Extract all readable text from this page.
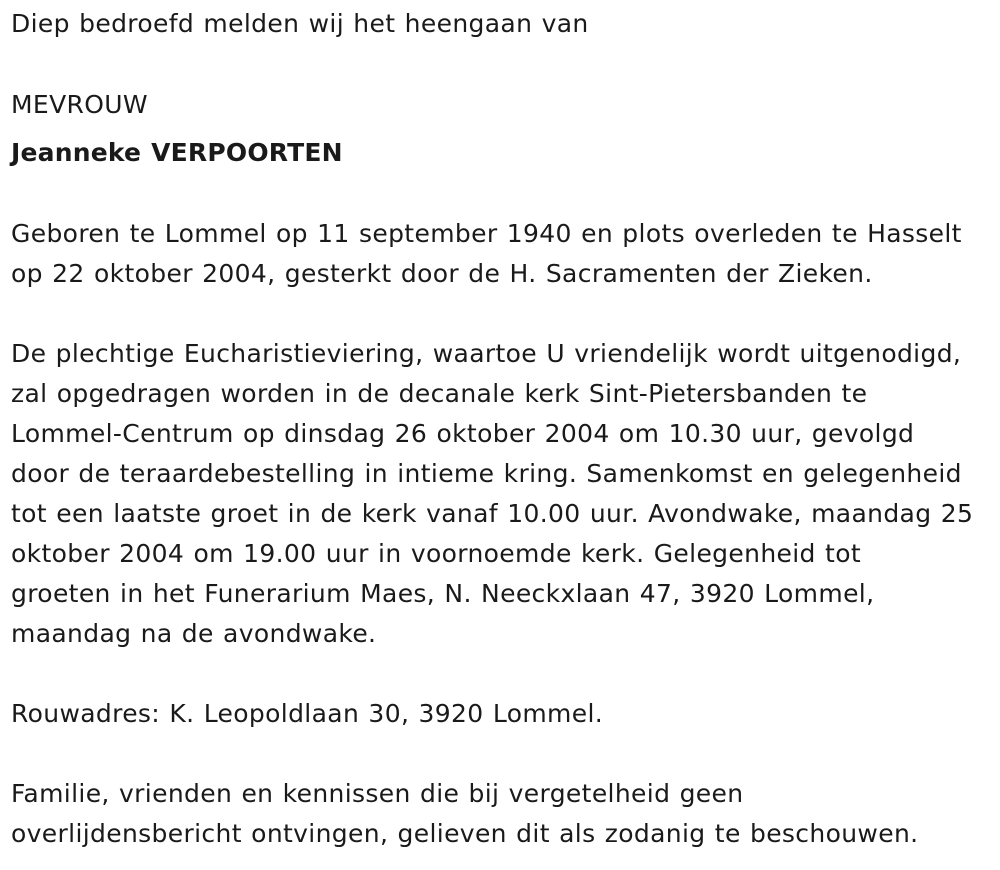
Diep bedroefd melden wij het heengaan van
MEVROUW
Jeanneke VERPOORTEN
Geboren te Lommel op 11 september 1940 en plots overleden te Hasselt
op 22 oktober 2004, gesterkt door de H. Sacramenten der Zieken.
De plechtige Eucharistieviering, waartoe U vriendelijk wordt uitgenodigd,
zal opgedragen worden in de decanale kerk Sint-Pietersbanden te
Lommel-Centrum op dinsdag 26 oktober 2004 om 10.30 uur, gevolgd
door de teraardebestelling in intieme kring. Samenkomst en gelegenheid
tot een laatste groet in de kerk vanaf 10.00 uur. Avondwake, maandag 25
oktober 2004 om 19.00 uur in voornoemde kerk. Gelegenheid tot
groeten in het Funerarium Maes, N. Neeckxlaan 47, 3920 Lommel,
maandag na de avondwake.
Rouwadres: K. Leopoldlaan 30, 3920 Lommel.
Familie, vrienden en kennissen die bij vergetelheid geen
overlijdensbericht ontvingen, gelieven dit als zodanig te beschouwen.
